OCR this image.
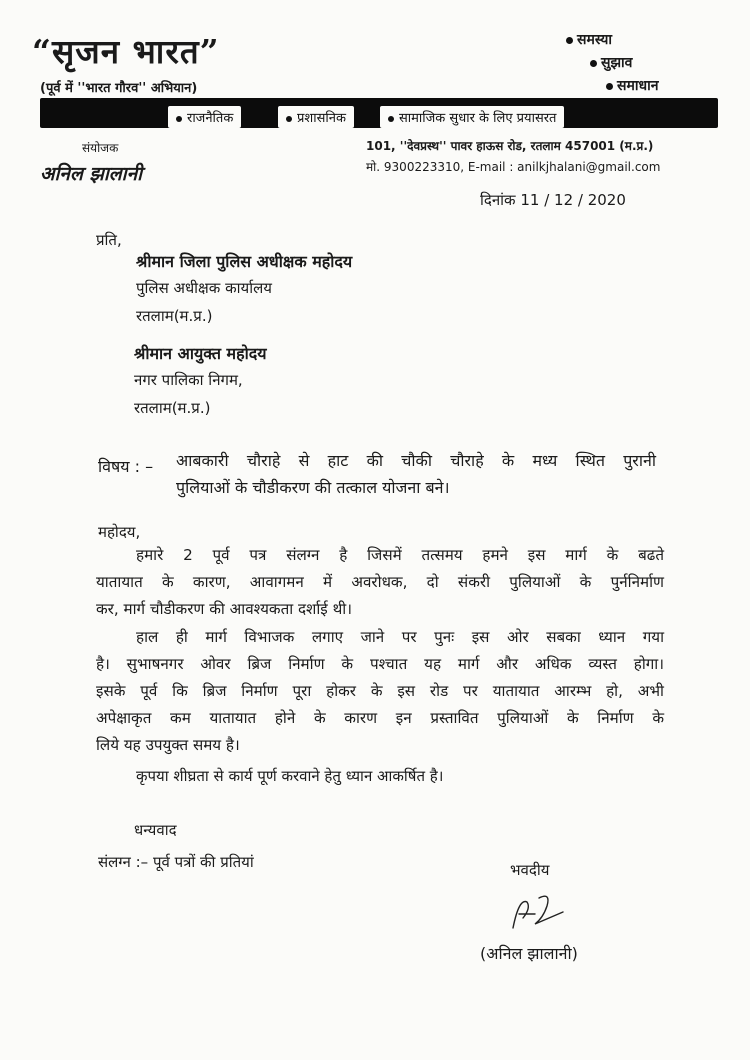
“सृजन भारत”
(पूर्व में ''भारत गौरव'' अभियान)
समस्या
सुझाव
समाधान
राजनैतिक	प्रशासनिक	सामाजिक सुधार के लिए प्रयासरत
संयोजक
अनिल झालानी
101, ''देवप्रस्थ'' पावर हाऊस रोड, रतलाम 457001 (म.प्र.)
मो. 9300223310, E-mail : anilkjhalani@gmail.com
दिनांक 11 / 12 / 2020
प्रति,
श्रीमान जिला पुलिस अधीक्षक महोदय
पुलिस अधीक्षक कार्यालय
रतलाम(म.प्र.)
श्रीमान आयुक्त महोदय
नगर पालिका निगम,
रतलाम(म.प्र.)
विषय : – आबकारी चौराहे से हाट की चौकी चौराहे के मध्य स्थित पुरानी
पुलियाओं के चौडीकरण की तत्काल योजना बने।
महोदय,
हमारे 2 पूर्व पत्र संलग्न है जिसमें तत्समय हमने इस मार्ग के बढते
यातायात के कारण, आवागमन में अवरोधक, दो संकरी पुलियाओं के पुर्ननिर्माण
कर, मार्ग चौडीकरण की आवश्यकता दर्शाई थी।
हाल ही मार्ग विभाजक लगाए जाने पर पुनः इस ओर सबका ध्यान गया
है। सुभाषनगर ओवर ब्रिज निर्माण के पश्चात यह मार्ग और अधिक व्यस्त होगा।
इसके पूर्व कि ब्रिज निर्माण पूरा होकर के इस रोड पर यातायात आरम्भ हो, अभी
अपेक्षाकृत कम यातायात होने के कारण इन प्रस्तावित पुलियाओं के निर्माण के
लिये यह उपयुक्त समय है।
कृपया शीघ्रता से कार्य पूर्ण करवाने हेतु ध्यान आकर्षित है।
धन्यवाद
संलग्न :– पूर्व पत्रों की प्रतियां	भवदीय
(अनिल झालानी)
